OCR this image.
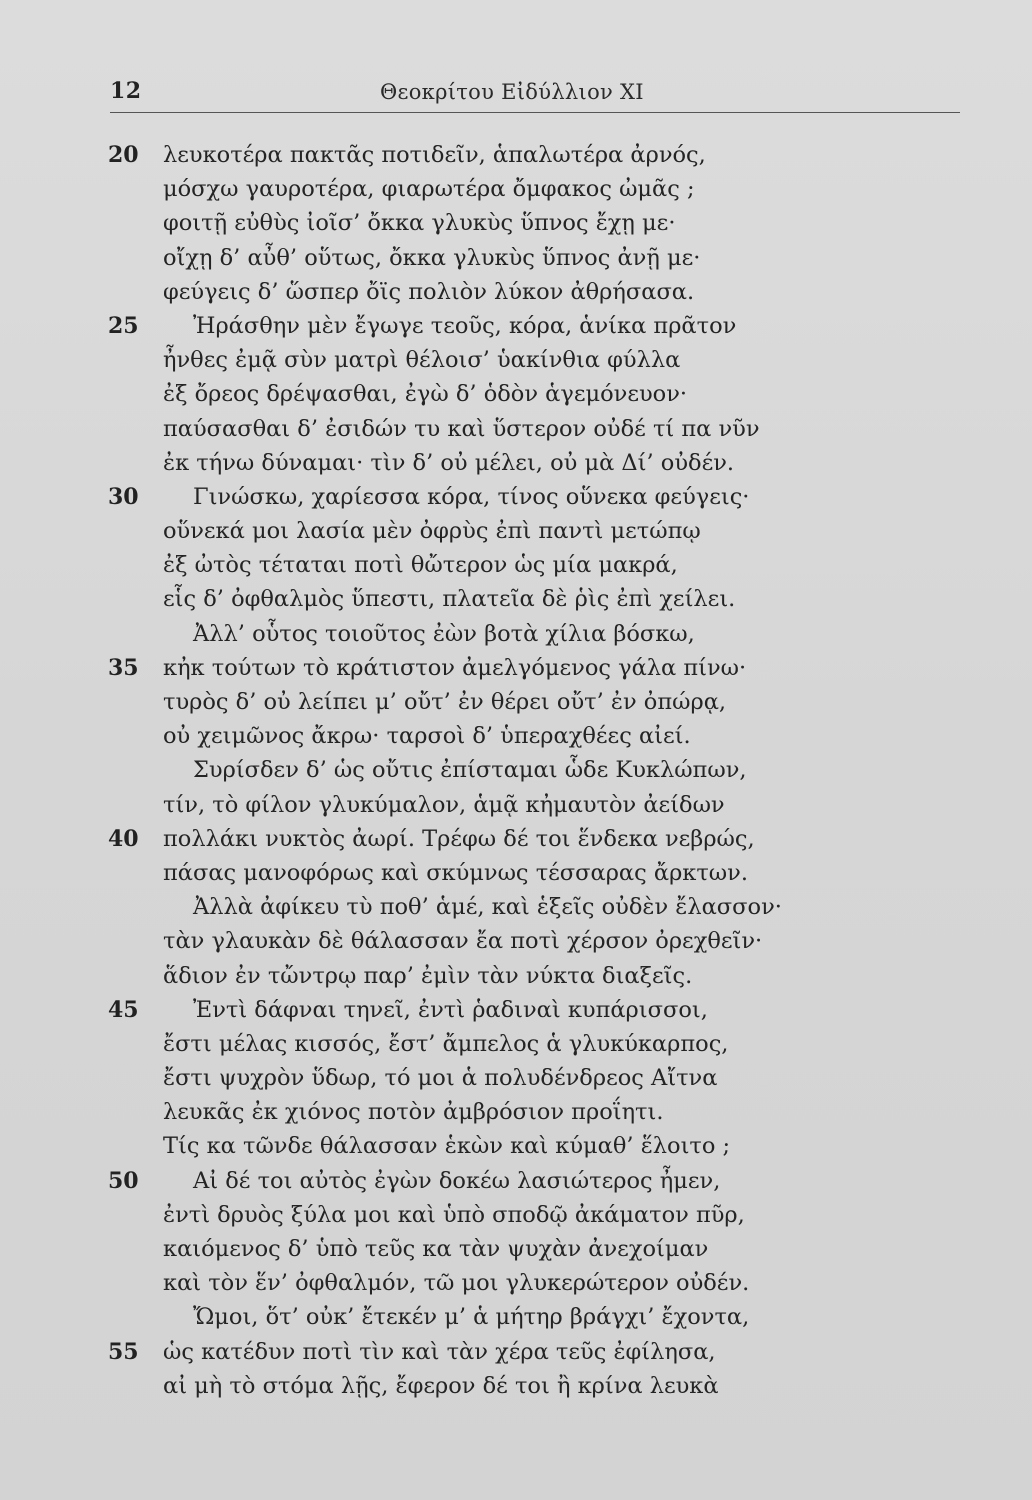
12	Θεοκρίτου Εἰδύλλιον XI
20	λευκοτέρα πακτᾶς ποτιδεῖν, ἁπαλωτέρα ἀρνός,
μόσχω γαυροτέρα, φιαρωτέρα ὄμφακος ὠμᾶς ;
φοιτῇ εὐθὺς ἰοῖσ’ ὄκκα γλυκὺς ὕπνος ἔχῃ με·
οἴχῃ δ’ αὖθ’ οὕτως, ὄκκα γλυκὺς ὕπνος ἀνῇ με·
φεύγεις δ’ ὥσπερ ὄϊς πολιὸν λύκον ἀθρήσασα.
25	Ἠράσθην μὲν ἔγωγε τεοῦς, κόρα, ἁνίκα πρᾶτον
ἦνθες ἐμᾷ σὺν ματρὶ θέλοισ’ ὑακίνθια φύλλα
ἐξ ὄρεος δρέψασθαι, ἐγὼ δ’ ὁδὸν ἁγεμόνευον·
παύσασθαι δ’ ἐσιδών τυ καὶ ὕστερον οὐδέ τί πα νῦν
ἐκ τήνω δύναμαι· τὶν δ’ οὐ μέλει, οὐ μὰ Δί’ οὐδέν.
30	Γινώσκω, χαρίεσσα κόρα, τίνος οὕνεκα φεύγεις·
οὕνεκά μοι λασία μὲν ὀφρὺς ἐπὶ παντὶ μετώπῳ
ἐξ ὠτὸς τέταται ποτὶ θὤτερον ὡς μία μακρά,
εἷς δ’ ὀφθαλμὸς ὕπεστι, πλατεῖα δὲ ῥὶς ἐπὶ χείλει.
Ἀλλ’ οὗτος τοιοῦτος ἐὼν βοτὰ χίλια βόσκω,
35	κἠκ τούτων τὸ κράτιστον ἀμελγόμενος γάλα πίνω·
τυρὸς δ’ οὐ λείπει μ’ οὔτ’ ἐν θέρει οὔτ’ ἐν ὀπώρᾳ,
οὐ χειμῶνος ἄκρω· ταρσοὶ δ’ ὑπεραχθέες αἰεί.
Συρίσδεν δ’ ὡς οὔτις ἐπίσταμαι ὧδε Κυκλώπων,
τίν, τὸ φίλον γλυκύμαλον, ἁμᾷ κἠμαυτὸν ἀείδων
40	πολλάκι νυκτὸς ἀωρί. Τρέφω δέ τοι ἕνδεκα νεβρώς,
πάσας μανοφόρως καὶ σκύμνως τέσσαρας ἄρκτων.
Ἀλλὰ ἀφίκευ τὺ ποθ’ ἁμέ, καὶ ἑξεῖς οὐδὲν ἔλασσον·
τὰν γλαυκὰν δὲ θάλασσαν ἔα ποτὶ χέρσον ὀρεχθεῖν·
ἅδιον ἐν τὤντρῳ παρ’ ἐμὶν τὰν νύκτα διαξεῖς.
45	Ἐντὶ δάφναι τηνεῖ, ἐντὶ ῥαδιναὶ κυπάρισσοι,
ἔστι μέλας κισσός, ἔστ’ ἄμπελος ἁ γλυκύκαρπος,
ἔστι ψυχρὸν ὕδωρ, τό μοι ἁ πολυδένδρεος Αἴτνα
λευκᾶς ἐκ χιόνος ποτὸν ἀμβρόσιον προΐητι.
Τίς κα τῶνδε θάλασσαν ἑκὼν καὶ κύμαθ’ ἕλοιτο ;
50	Αἰ δέ τοι αὐτὸς ἐγὼν δοκέω λασιώτερος ἦμεν,
ἐντὶ δρυὸς ξύλα μοι καὶ ὑπὸ σποδῷ ἀκάματον πῦρ,
καιόμενος δ’ ὑπὸ τεῦς κα τὰν ψυχὰν ἀνεχοίμαν
καὶ τὸν ἕν’ ὀφθαλμόν, τῶ μοι γλυκερώτερον οὐδέν.
Ὤμοι, ὅτ’ οὐκ’ ἔτεκέν μ’ ἁ μήτηρ βράγχι’ ἔχοντα,
55	ὡς κατέδυν ποτὶ τὶν καὶ τὰν χέρα τεῦς ἐφίλησα,
αἰ μὴ τὸ στόμα λῇς, ἔφερον δέ τοι ἢ κρίνα λευκὰ
